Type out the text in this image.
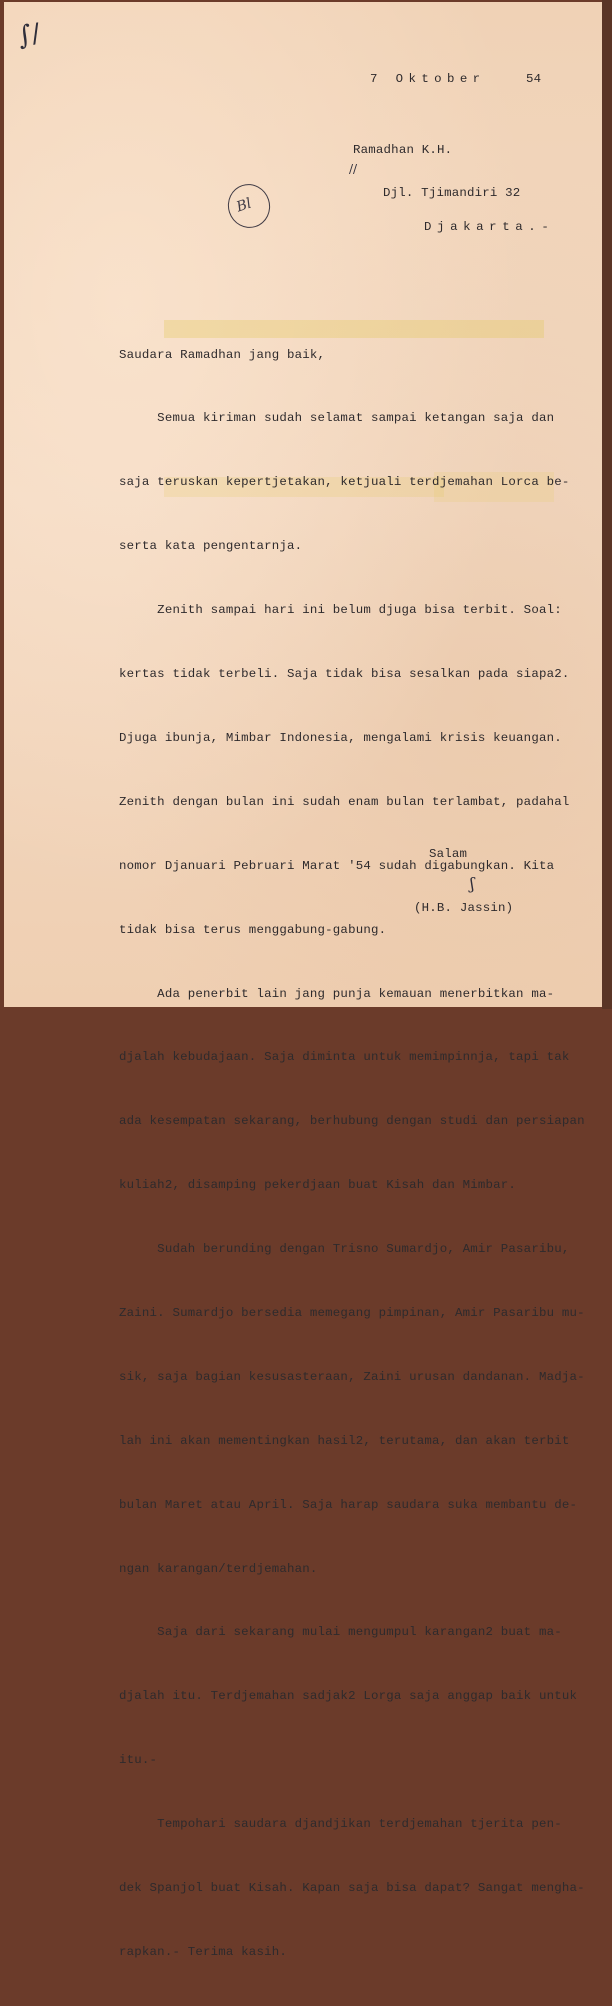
∫/
//
ʃ
Bl
7 Oktober	54
Ramadhan K.H.
Djl. Tjimandiri 32
Djakarta.-

Saudara Ramadhan jang baik,

Semua kiriman sudah selamat sampai ketangan saja dan

saja teruskan kepertjetakan, ketjuali terdjemahan Lorca be-

serta kata pengentarnja.

Zenith sampai hari ini belum djuga bisa terbit. Soal:

kertas tidak terbeli. Saja tidak bisa sesalkan pada siapa2.

Djuga ibunja, Mimbar Indonesia, mengalami krisis keuangan.

Zenith dengan bulan ini sudah enam bulan terlambat, padahal

nomor Djanuari Pebruari Marat '54 sudah digabungkan. Kita

tidak bisa terus menggabung-gabung.

Ada penerbit lain jang punja kemauan menerbitkan ma-

djalah kebudajaan. Saja diminta untuk memimpinnja, tapi tak

ada kesempatan sekarang, berhubung dengan studi dan persiapan

kuliah2, disamping pekerdjaan buat Kisah dan Mimbar.

Sudah berunding dengan Trisno Sumardjo, Amir Pasaribu,

Zaini. Sumardjo bersedia memegang pimpinan, Amir Pasaribu mu-

sik, saja bagian kesusasteraan, Zaini urusan dandanan. Madja-

lah ini akan mementingkan hasil2, terutama, dan akan terbit

bulan Maret atau April. Saja harap saudara suka membantu de-

ngan karangan/terdjemahan.

Saja dari sekarang mulai mengumpul karangan2 buat ma-

djalah itu. Terdjemahan sadjak2 Lorga saja anggap baik untuk

itu.-

Tempohari saudara djandjikan terdjemahan tjerita pen-

dek Spanjol buat Kisah. Kapan saja bisa dapat? Sangat mengha-

rapkan.- Terima kasih.

Salam
(H.B. Jassin)
